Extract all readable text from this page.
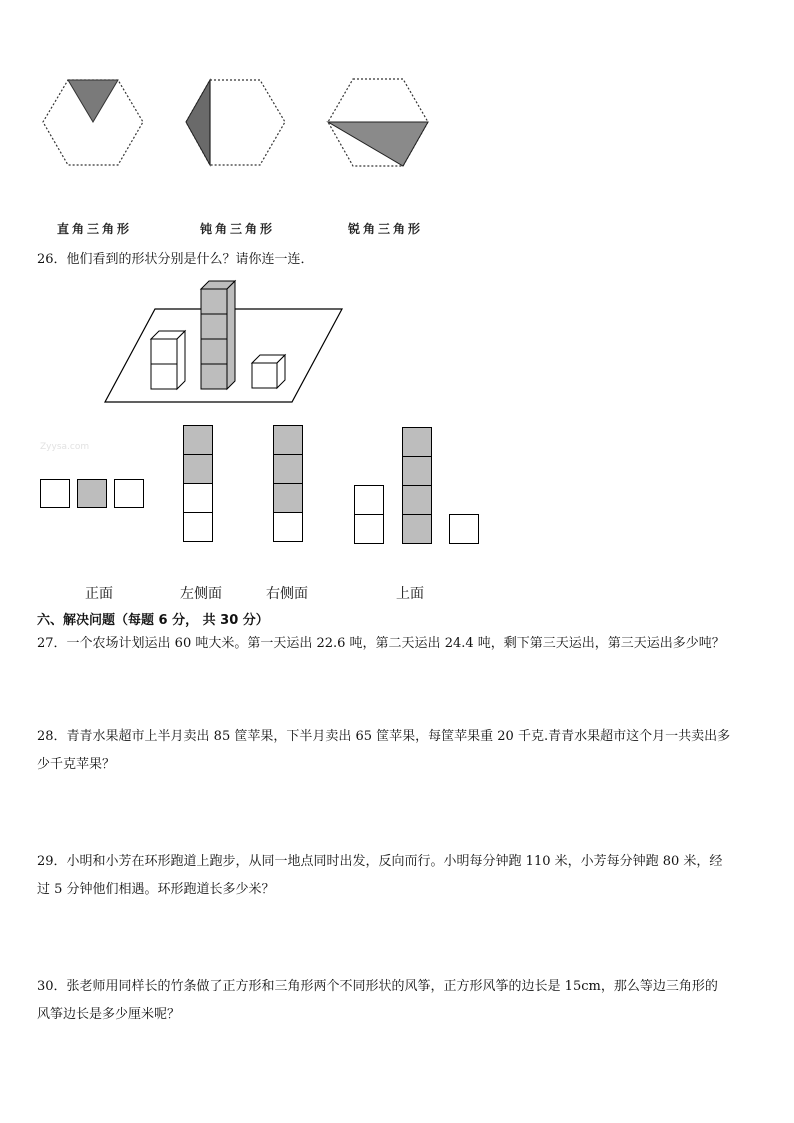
直角三角形	钝角三角形	锐角三角形
26．他们看到的形状分别是什么？请你连一连．
Zyysa.com
正面	左侧面	右侧面	上面
六、解决问题（每题 6 分， 共 30 分）
27．一个农场计划运出 60 吨大米。第一天运出 22.6 吨，第二天运出 24.4 吨，剩下第三天运出，第三天运出多少吨？
28．青青水果超市上半月卖出 85 筐苹果，下半月卖出 65 筐苹果，每筐苹果重 20 千克.青青水果超市这个月一共卖出多
少千克苹果？
29．小明和小芳在环形跑道上跑步，从同一地点同时出发，反向而行。小明每分钟跑 110 米，小芳每分钟跑 80 米，经
过 5 分钟他们相遇。环形跑道长多少米？
30．张老师用同样长的竹条做了正方形和三角形两个不同形状的风筝，正方形风筝的边长是 15cm，那么等边三角形的
风筝边长是多少厘米呢？
